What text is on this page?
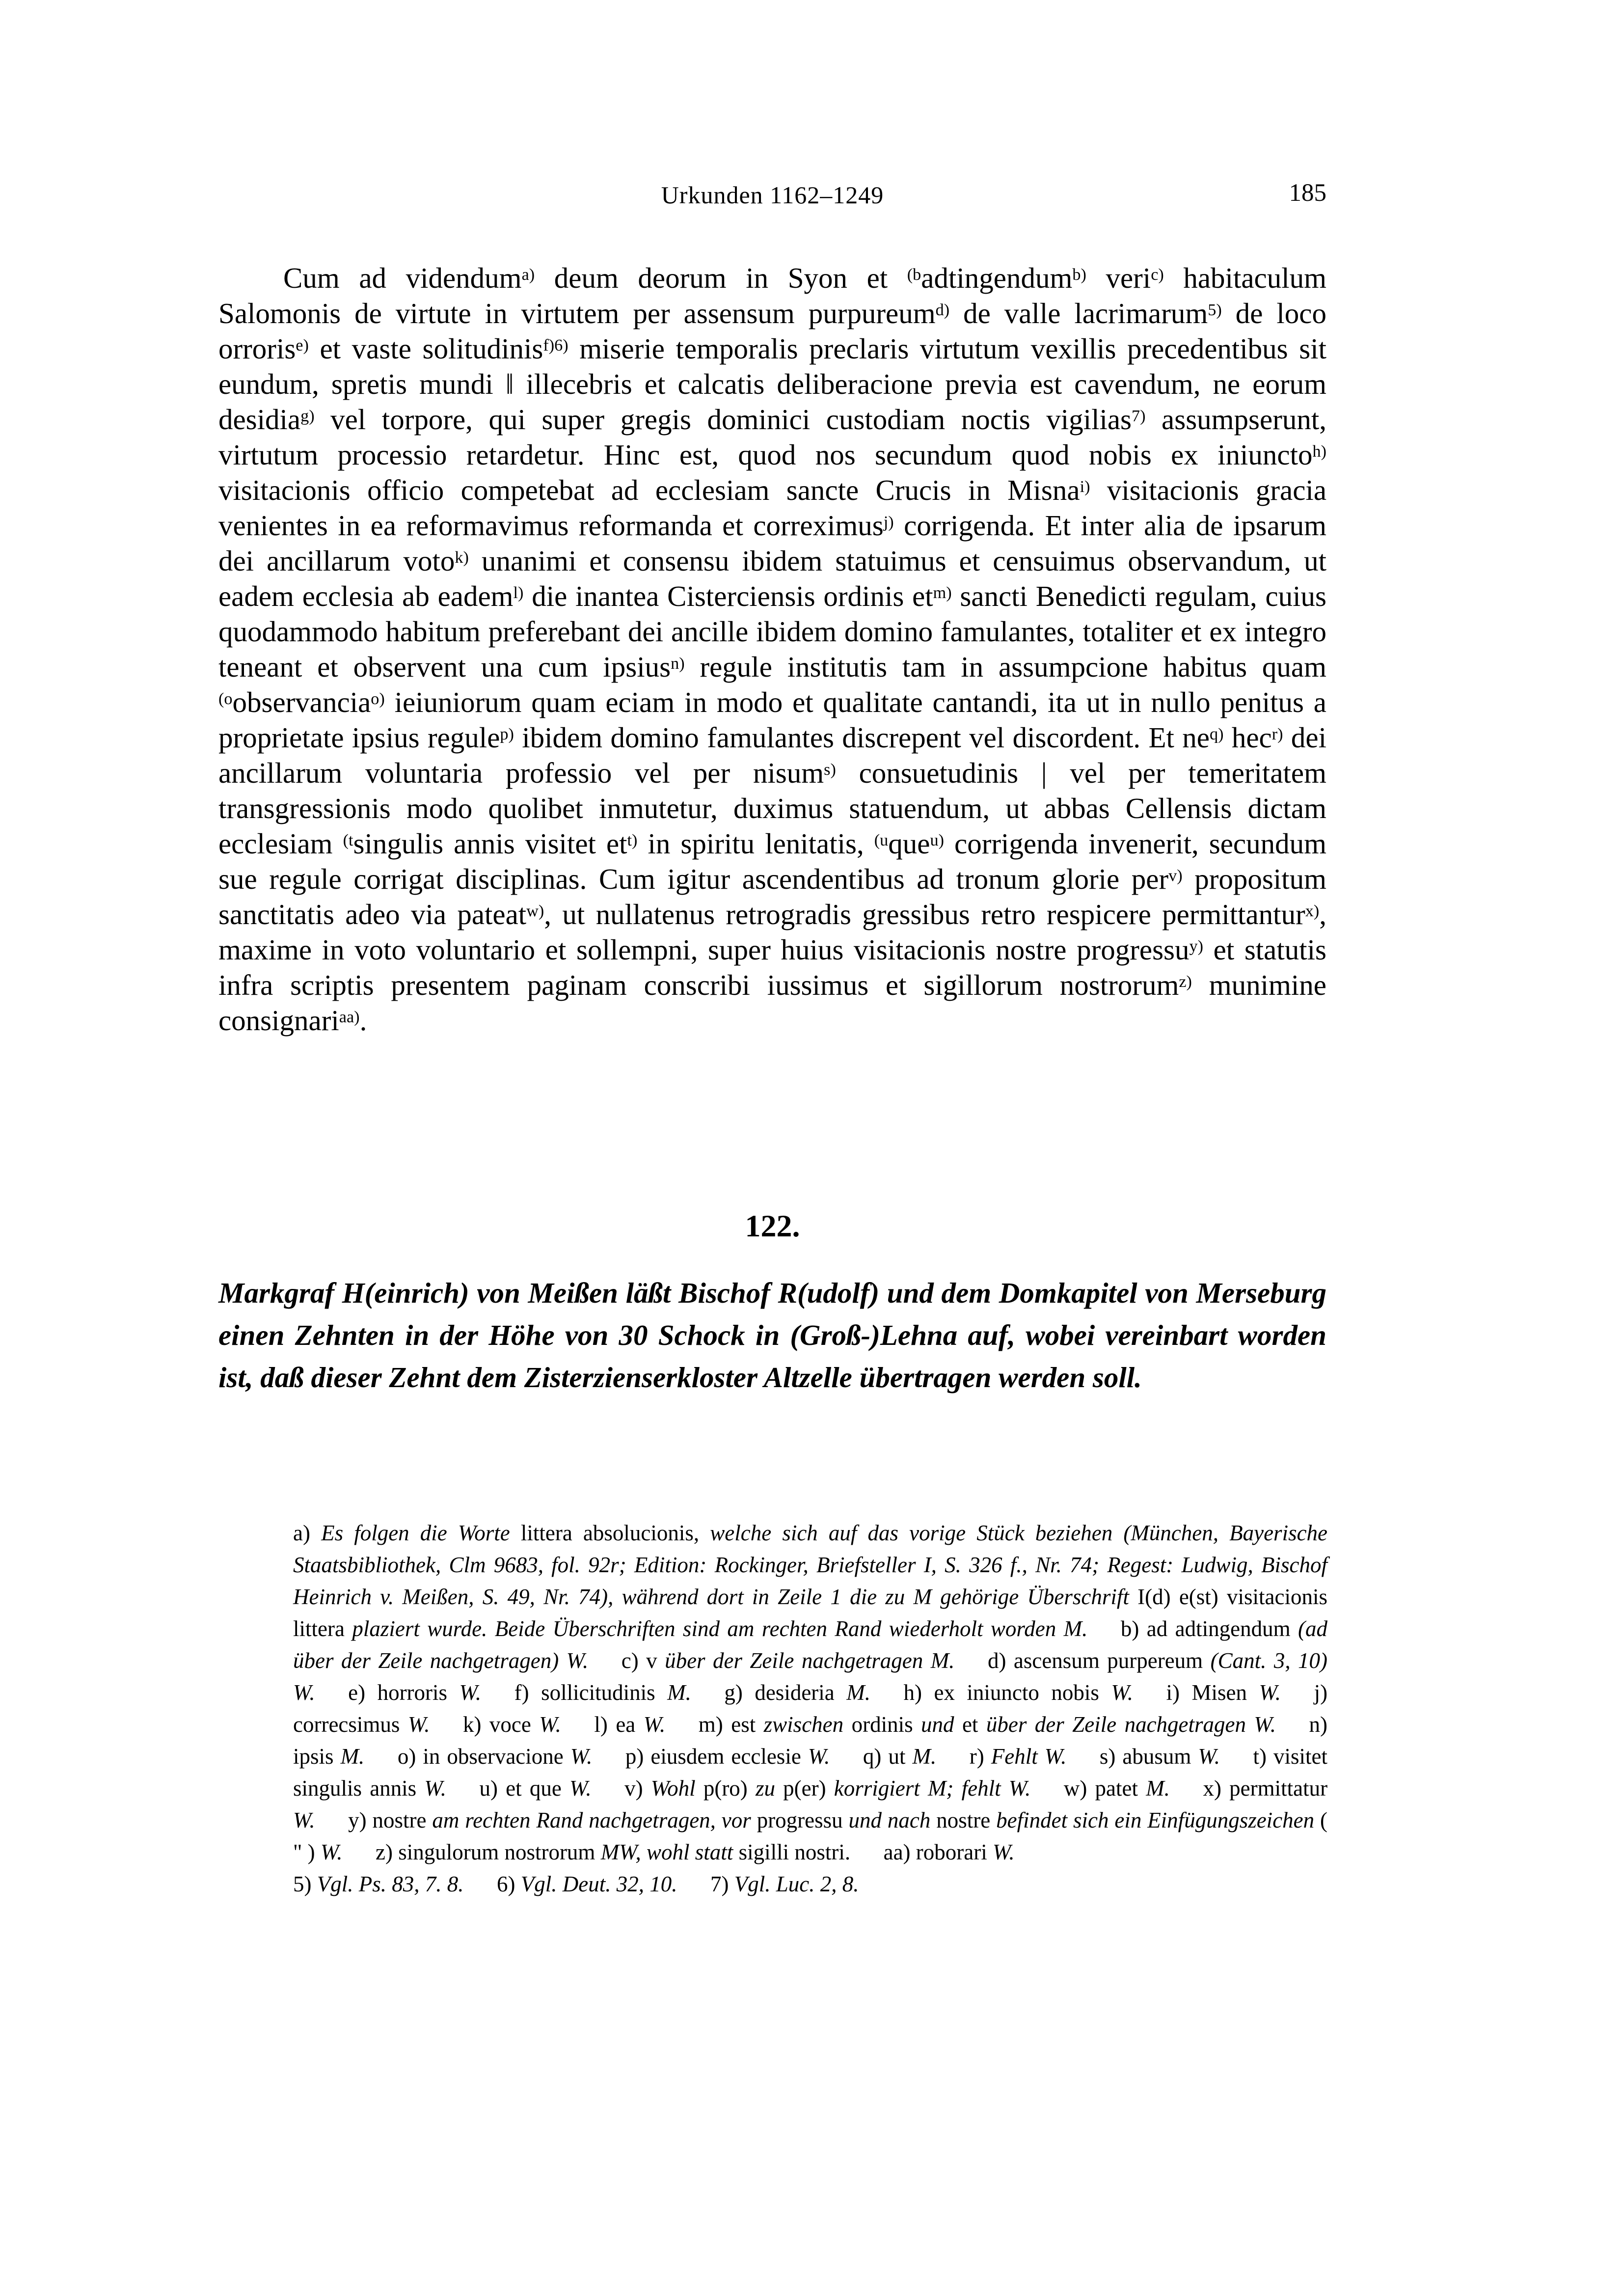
Urkunden 1162–1249	185
Cum ad videndum$^{a)}$ deum deorum in Syon et $^{(b}$adtingendum$^{b)}$ veri$^{c)}$ habitaculum Salomonis de virtute in virtutem per assensum purpureum$^{d)}$ de valle lacrimarum$^{5)}$ de loco orroris$^{e)}$ et vaste solitudinis$^{f)6)}$ miserie temporalis preclaris virtutum vexillis precedentibus sit eundum, spretis mundi ‖ illecebris et calcatis deliberacione previa est cavendum, ne eorum desidia$^{g)}$ vel torpore, qui super gregis dominici custodiam noctis vigilias$^{7)}$ assumpserunt, virtutum processio retardetur. Hinc est, quod nos secundum quod nobis ex iniuncto$^{h)}$ visitacionis officio competebat ad ecclesiam sancte Crucis in Misna$^{i)}$ visitacionis gracia venientes in ea reformavimus reformanda et correximus$^{j)}$ corrigenda. Et inter alia de ipsarum dei ancillarum voto$^{k)}$ unanimi et consensu ibidem statuimus et censuimus observandum, ut eadem ecclesia ab eadem$^{l)}$ die inantea Cisterciensis ordinis $et^{m)}$ sancti Benedicti regulam, cuius quodammodo habitum preferebant dei ancille ibidem domino famulantes, totaliter et ex integro teneant et observent una cum ipsius$^{n)}$ regule institutis tam in assumpcione habitus quam $^{(o}$observancia$^{o)}$ ieiuniorum quam eciam in modo et qualitate cantandi, ita ut in nullo penitus a proprietate ipsius regule$^{p)}$ ibidem domino famulantes discrepent vel discordent. Et $ne^{q)}$ hec$^{r)}$ dei ancillarum voluntaria professio vel per nisum$^{s)}$ consuetudinis | vel per temeritatem transgressionis modo quolibet inmutetur, duximus statuendum, ut abbas Cellensis dictam ecclesiam $^{(t}$singulis annis visitet $et^{t)}$ in spiritu lenitatis, $^{(u}$que$^{u)}$ corrigenda invenerit, secundum sue regule corrigat disciplinas. Cum igitur ascendentibus ad tronum glorie per$^{v)}$ propositum sanctitatis adeo via pateat$^{w)}$, ut nullatenus retrogradis gressibus retro respicere permittantur$^{x)}$, maxime in voto voluntario et sollempni, super huius visitacionis nostre progressu$^{y)}$ et statutis infra scriptis presentem paginam conscribi iussimus et sigillorum nostrorum$^{z)}$ munimine consignari$^{aa)}$.
122.
Markgraf H(einrich) von Meißen läßt Bischof R(udolf) und dem Domkapitel von Merseburg einen Zehnten in der Höhe von 30 Schock in (Groß-)Lehna auf, wobei vereinbart worden ist, daß dieser Zehnt dem Zisterzienserkloster Altzelle übertragen werden soll.
a) Es folgen die Worte littera absolucionis, welche sich auf das vorige Stück beziehen (München, Bayerische Staatsbibliothek, Clm 9683, fol. 92r; Edition: Rockinger, Briefsteller I, S. 326 f., Nr. 74; Regest: Ludwig, Bischof Heinrich v. Meißen, S. 49, Nr. 74), während dort in Zeile 1 die zu M gehörige Überschrift I(d) e(st) visitacionis littera plaziert wurde. Beide Überschriften sind am rechten Rand wiederholt worden M.   b) ad adtingendum (ad über der Zeile nachgetragen) W.   c) v über der Zeile nachgetragen M.   d) ascensum purpereum (Cant. 3, 10) W.   e) horroris W.   f) sollicitudinis M.   g) desideria M.   h) ex iniuncto nobis W.   i) Misen W.   j) correcsimus W.   k) voce W.   l) ea W.   m) est zwischen ordinis und et über der Zeile nachgetragen W.   n) ipsis M.   o) in observacione W.   p) eiusdem ecclesie W.   q) ut M.   r) Fehlt W.   s) abusum W.   t) visitet singulis annis W.   u) et que W.   v) Wohl p(ro) zu p(er) korrigiert M; fehlt W.   w) patet M.   x) permittatur W.   y) nostre am rechten Rand nachgetragen, vor progressu und nach nostre befindet sich ein Einfügungszeichen ( " ) W.   z) singulorum nostrorum MW, wohl statt sigilli nostri.   aa) roborari W.
5) Vgl. Ps. 83, 7. 8.   6) Vgl. Deut. 32, 10.   7) Vgl. Luc. 2, 8.
